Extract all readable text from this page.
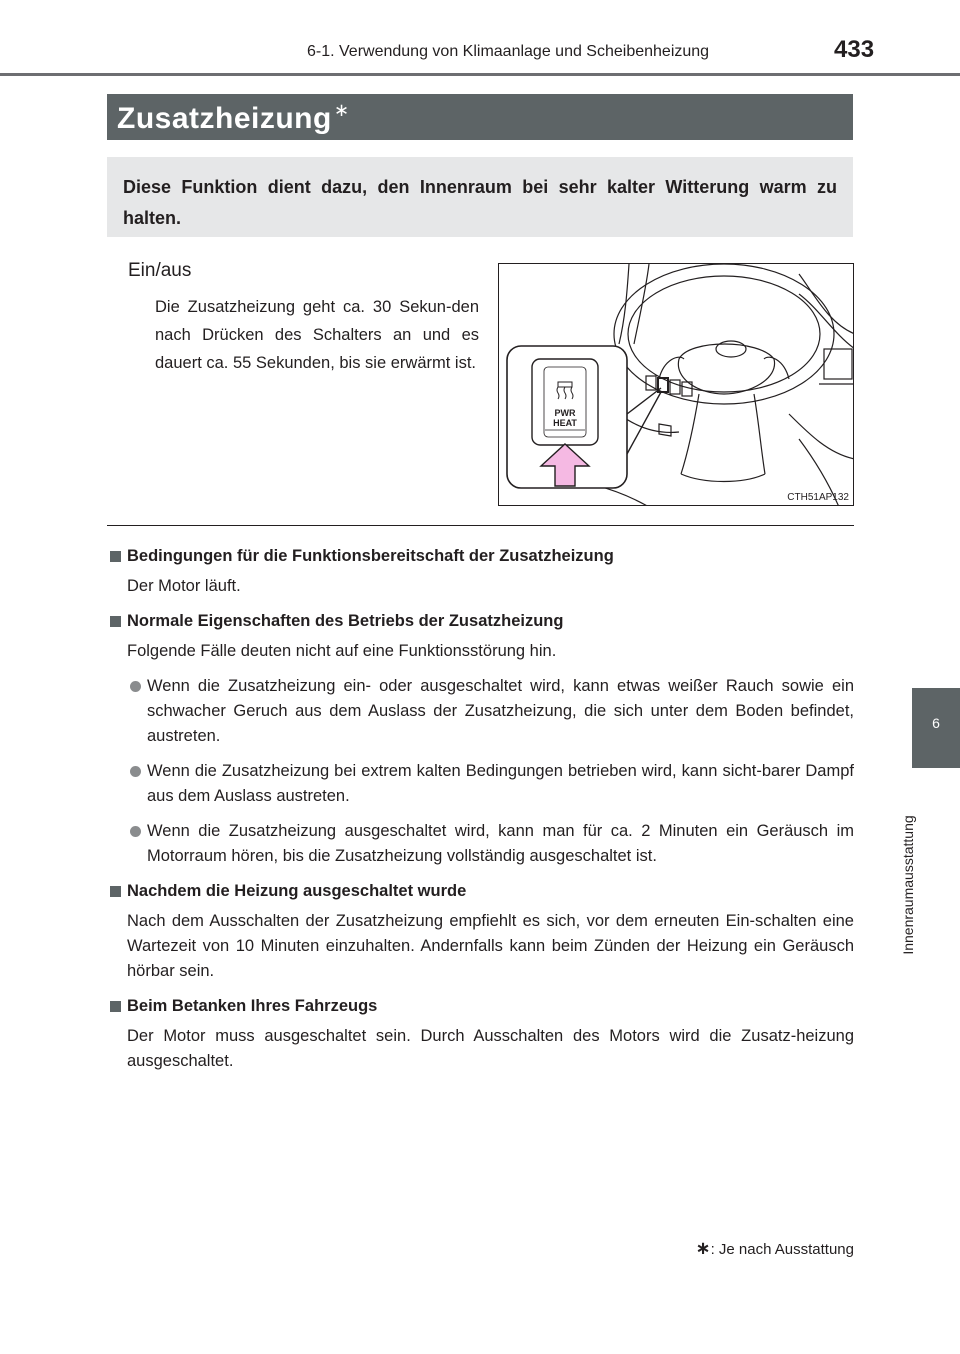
6-1. Verwendung von Klimaanlage und Scheibenheizung	433
6
Innenraumausstattung
Zusatzheizung ∗
Diese Funktion dient dazu, den Innenraum bei sehr kalter Witterung warm zu halten.
Ein/aus
Die Zusatzheizung geht ca. 30 Sekun-den nach Drücken des Schalters an und es dauert ca. 55 Sekunden, bis sie erwärmt ist.
PWR
HEAT
CTH51AP132
Bedingungen für die Funktionsbereitschaft der Zusatzheizung
Der Motor läuft.
Normale Eigenschaften des Betriebs der Zusatzheizung
Folgende Fälle deuten nicht auf eine Funktionsstörung hin.
Wenn die Zusatzheizung ein- oder ausgeschaltet wird, kann etwas weißer Rauch sowie ein schwacher Geruch aus dem Auslass der Zusatzheizung, die sich unter dem Boden befindet, austreten.
Wenn die Zusatzheizung bei extrem kalten Bedingungen betrieben wird, kann sicht-barer Dampf aus dem Auslass austreten.
Wenn die Zusatzheizung ausgeschaltet wird, kann man für ca. 2 Minuten ein Geräusch im Motorraum hören, bis die Zusatzheizung vollständig ausgeschaltet ist.
Nachdem die Heizung ausgeschaltet wurde
Nach dem Ausschalten der Zusatzheizung empfiehlt es sich, vor dem erneuten Ein-schalten eine Wartezeit von 10 Minuten einzuhalten. Andernfalls kann beim Zünden der Heizung ein Geräusch hörbar sein.
Beim Betanken Ihres Fahrzeugs
Der Motor muss ausgeschaltet sein. Durch Ausschalten des Motors wird die Zusatz-heizung ausgeschaltet.
∗: Je nach Ausstattung
